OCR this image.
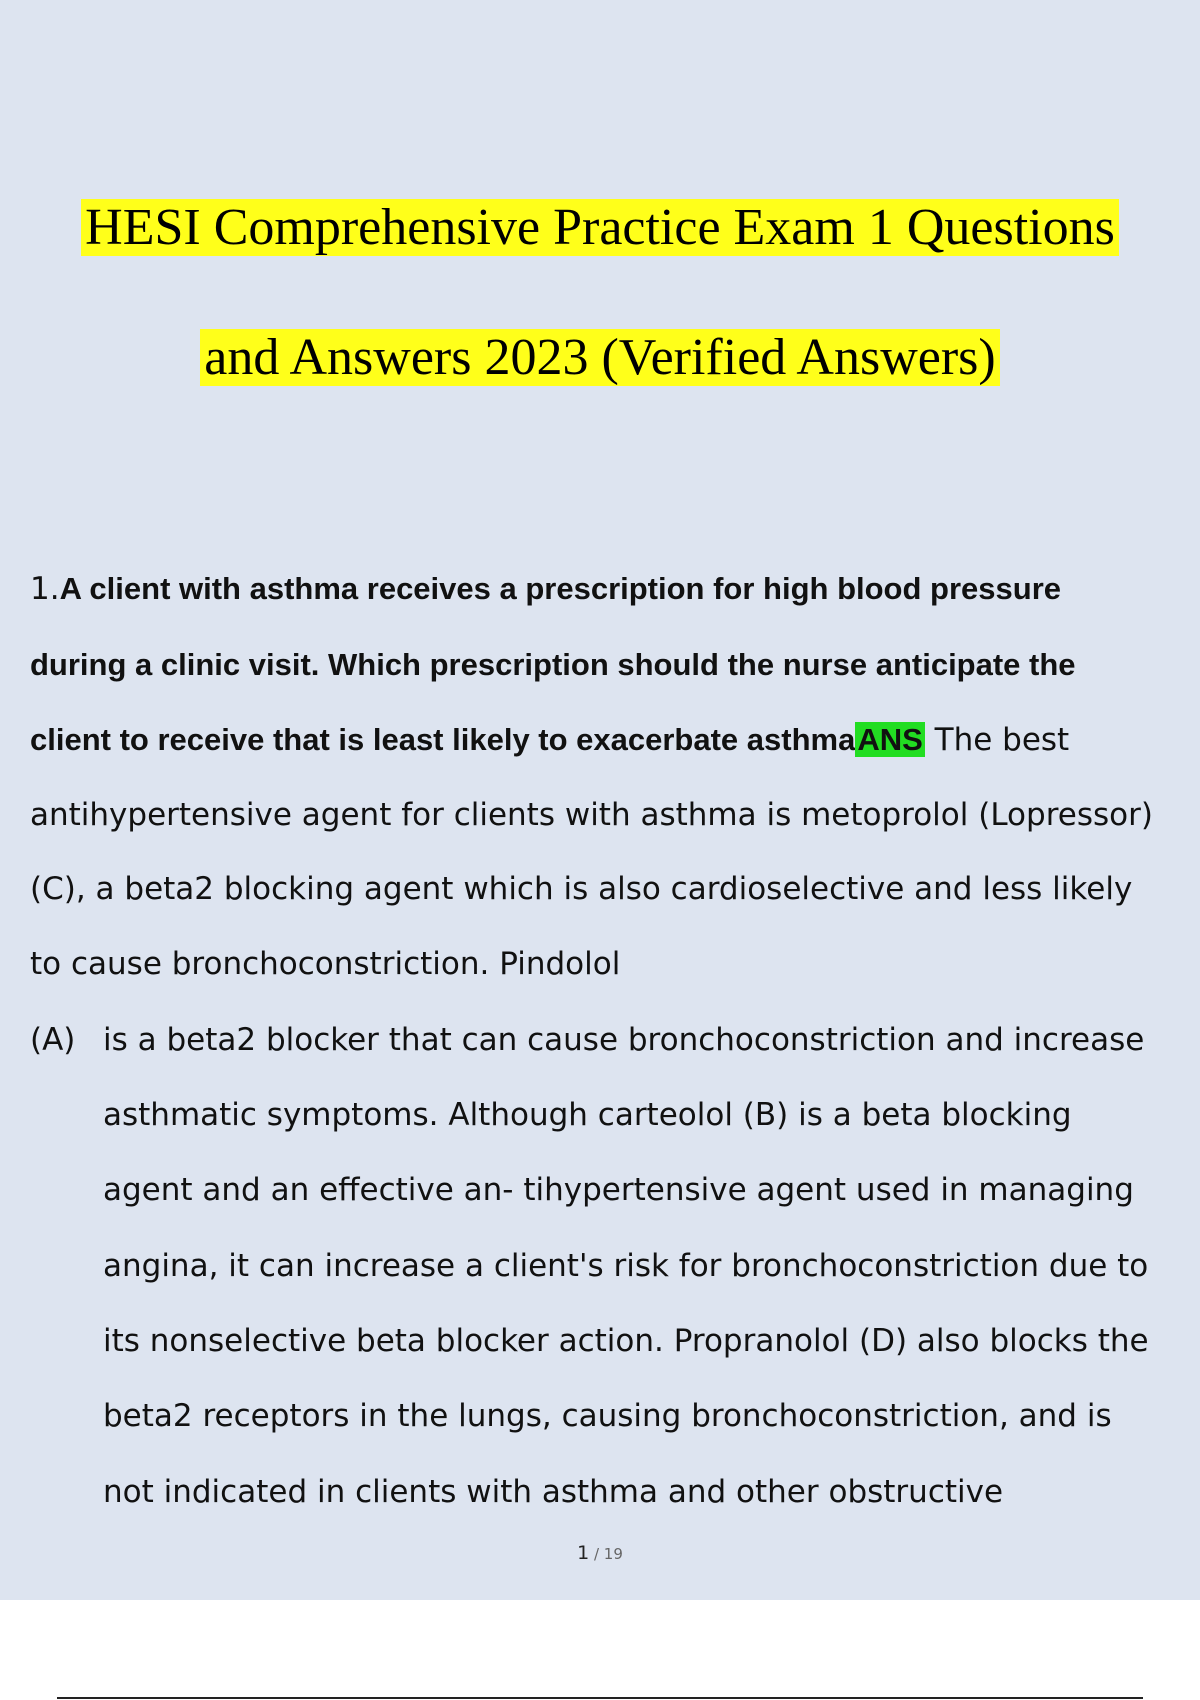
HESI Comprehensive Practice Exam 1 Questions
and Answers 2023 (Verified Answers)
1.A client with asthma receives a prescription for high blood pressure
during a clinic visit. Which prescription should the nurse anticipate the
client to receive that is least likely to exacerbate asthmaANS The best
antihypertensive agent for clients with asthma is metoprolol (Lopressor)
(C), a beta2 blocking agent which is also cardioselective and less likely
to cause bronchoconstriction. Pindolol
(A) is a beta2 blocker that can cause bronchoconstriction and increase
asthmatic symptoms. Although carteolol (B) is a beta blocking
agent and an effective an- tihypertensive agent used in managing
angina, it can increase a client's risk for bronchoconstriction due to
its nonselective beta blocker action. Propranolol (D) also blocks the
beta2 receptors in the lungs, causing bronchoconstriction, and is
not indicated in clients with asthma and other obstructive
1 / 19
